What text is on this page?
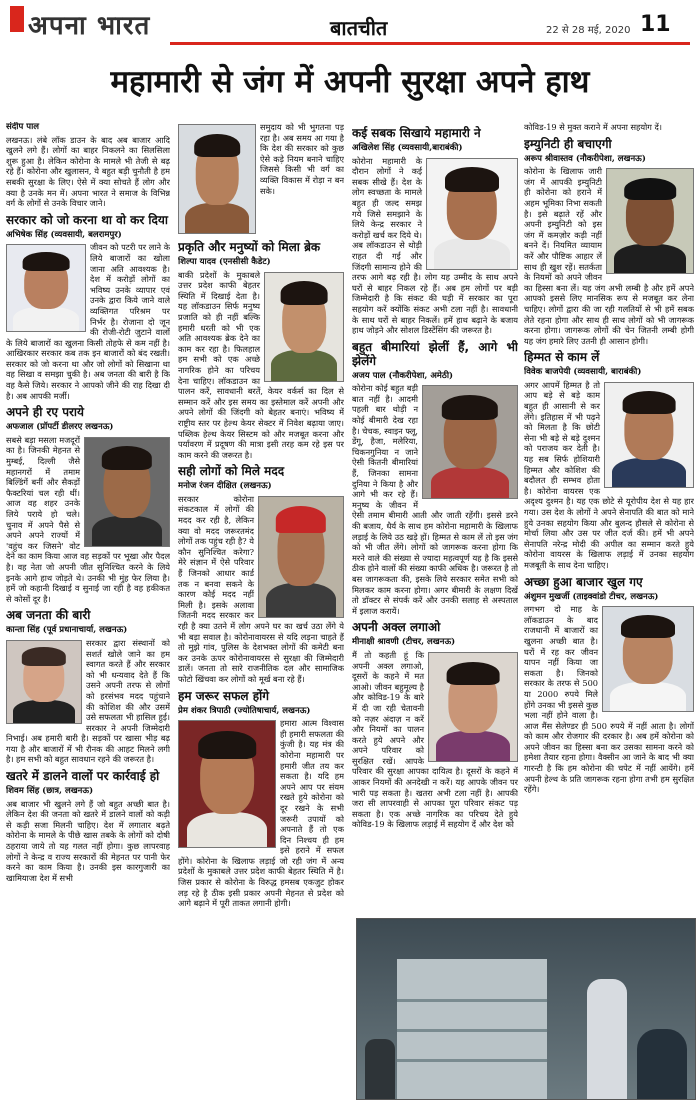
अपना भारत	बातचीत	22 से 28 मई, 2020 11
महामारी से जंग में अपनी सुरक्षा अपने हाथ
संदीप पाल

लखनऊ। लंबे लॉक डाउन के बाद अब बाजार आदि खुलने लगे हैं। लोगों का बाहर निकलने का सिलसिला शुरू हुआ है। लेकिन कोरोना के मामले भी तेजी से बढ़ रहे हैं। कोरोना और खुलासन, ये बहुत बड़ी चुनौती है हम सबकी सुरक्षा के लिए। ऐसे में क्या सोचते हैं लोग और क्या है उनके मन में। अपना भारत ने समाज के विभिन्न वर्ग के लोगों से उनके विचार जाने।

सरकार को जो करना था वो कर दिया
अभिषेक सिंह (व्यवसायी, बलरामपुर)

जीवन को पटरी पर लाने के लिये बाजारों का खोला जाना अति आवश्यक है। देश में करोड़ों लोगों का भविष्य उनके व्यापार एवं उनके द्वारा किये जाने वाले व्यक्तिगत परिश्रम पर निर्भर है। रोजाना दो जून की रोजी-रोटी जुटाने वालों के लिये बाजारों का खुलना किसी तोहफे से कम नहीं है। आखिरकार सरकार कब तक इन बाजारों को बंद रखती। सरकार को जो करना था और जो लोगों को सिखाना था वह सिखा व समझा चुकी है। अब जनता की बारी है कि वह कैसे जिये। सरकार ने आपको जीने की राह दिखा दी है। अब आपकी मर्जी।

अपने ही रए पराये
अफजाल (प्रॉपर्टी डीलरए लखनऊ)

सबसे बड़ा मसला मजदूरों का है। जिनकी मेहनत से मुम्बई, दिल्ली जैसे महानगरों में तमाम बिल्डिंगें बनीं और सैकड़ों फैक्टरियां चल रही थीं। आज वह शहर उनके लिये पराये हो चले। चुनाव में अपने पैसे से अपने अपने राज्यों में 'वहुंच कर जिसने' वोट देने का काम किया आज वह सड़कों पर भूखा और पैदल है। वह नेता जो अपनी जीत सुनिश्चित करने के लिये इनके आगे हाथ जोड़ते थे। उनकी भी मुंह फेर लिया है। हमें जो कहानी दिखाई व सुनाई जा रही है वह हकीकत से कोसों दूर है।

अब जनता की बारी
कान्ता सिंह (पूर्व प्रधानाचार्या, लखनऊ)

सरकार द्वारा संस्थानों को सशर्त खोले जाने का हम स्वागत करते हैं और सरकार को भी धन्यवाद देते हैं कि उसने अपनी तरफ से लोगों को हरसंभव मदद पहुंचाने की कोशिश की और उसमें उसे सफलता भी हासिल हुई। सरकार ने अपनी जिम्मेदारी निभाई। अब हमारी बारी है। सड़कों पर खासा भीड़ बढ़ गया है और बाजारों में भी रौनक की आहट मिलने लगी है। हम सभी को बहुत सावधान रहने की जरूरत है।

खतरे में डालने वालों पर कार्रवाई हो
शिवम सिंह (छात्र, लखनऊ)

अब बाजार भी खुलने लगे हैं जो बहुत अच्छी बात है। लेकिन देश की जनता को खतरे में डालने वालों को कड़ी से कड़ी सजा मिलनी चाहिए। देश में लगातार बढ़ते कोरोना के मामले के पीछे खास तबके के लोगों को दोषी ठहराया जाये तो यह गलत नहीं होगा। कुछ लापरवाह लोगों ने केन्द्र व राज्य सरकारों की मेहनत पर पानी फेर करने का काम किया है। उनकी इस कारगुजारी का खामियाजा देश में सभी

समुदाय को भी भुगतना पड़ रहा है। अब समय आ गया है कि देश की सरकार को कुछ ऐसे कड़े नियम बनाने चाहिए जिससे किसी भी वर्ग का व्यक्ति विकास में रोड़ा न बन सके।

प्रकृति और मनुष्यों को मिला ब्रेक
शिल्पा यादव (एनसीसी कैडेट)

बाकी प्रदेशों के मुकाबले उत्तर प्रदेश काफी बेहतर स्थिति में दिखाई देता है। यह लॉकडाउन सिर्फ मनुष्य प्रजाति को ही नहीं बल्कि हमारी धरती को भी एक अति आवश्यक ब्रेक देने का काम कर रहा है। फिलहाल हम सभी को एक अच्छे नागरिक होने का परिचय देना चाहिए। लॉकडाउन का पालन करें, सावधानी बरतें, केयर वर्कर्स का दिल से सम्मान करें और इस समय का इस्तेमाल करें अपनी और अपने लोगों की जिंदगी को बेहतर बनाएं। भविष्य में राष्ट्रीय स्तर पर हेल्थ केयर सेक्टर में निवेश बढ़ाया जाए। पब्लिक हेल्थ केयर सिस्टम को और मजबूत करना और पर्यावरण में प्रदूषण की मात्रा इसी तरह कम रहे इस पर काम करने की जरूरत है।

सही लोगों को मिले मदद
मनोज रंजन दीक्षित (लखनऊ)

सरकार कोरोना संकटकाल में लोगों की मदद कर रही है, लेकिन क्या वो मदद जरूरतमंद लोगों तक पहुंच रही है? ये कौन सुनिश्चित करेगा? मेरे संज्ञान में ऐसे परिवार हैं जिनको आधार कार्ड तक न बनवा सकने के कारण कोई मदद नहीं मिली है। इसके अलावा जितनी मदद सरकार कर रही है क्या उतने में लोग अपने घर का खर्च उठा लेंगे ये भी बड़ा सवाल है। कोरोनावायरस से यदि लड़ना चाहते हैं तो मुझे गांव, पुलिस के देशभक्त लोगों की कमेटी बना कर उनके ऊपर कोरोनावायरस से सुरक्षा की जिम्मेदारी डालें। जनता तो सारे राजनीतिक दल और सामाजिक फोटो खिंचवा कर लोगों को मूर्ख बना रहे हैं।

हम जरूर सफल होंगे
प्रेम शंकर त्रिपाठी (ज्योतिषाचार्य, लखनऊ)

हमारा आत्म विश्वास ही हमारी सफलता की कुंजी है। यह मंत्र की कोरोना महामारी पर हमारी जीत तय कर सकता है। यदि हम अपने आप पर संयम रखते हुये कोरोना को दूर रखने के सभी जरूरी उपायों को अपनाते हैं तो एक दिन निश्चय ही हम इसे हराने में सफल होंगे। कोरोना के खिलाफ लड़ाई जो रही जंग में अन्य प्रदेशों के मुकाबले उत्तर प्रदेश काफी बेहतर स्थिति में है। जिस प्रकार से कोरोना के विरुद्ध हमसब एकजुट होकर लड़ रहे है ठीक इसी प्रकार अपनी मेहनत से प्रदेश को आगे बढ़ाने में पूरी ताकत लगानी होगी।

कई सबक सिखाये महामारी ने
अखिलेश सिंह (व्यवसायी,बाराबंकी)

कोरोना महामारी के दौरान लोगों ने कई सबक सीखे हैं। देश के लोग स्वच्छता के मामले बहुत ही जल्द समझ गये जिसे समझाने के लिये केन्द्र सरकार ने करोड़ों खर्च कर दिये थे। अब लॉकडाउन से थोड़ी राहत दी गई और जिंदगी सामान्य होने की तरफ आगे बढ़ रही है। लोग यह उम्मीद के साथ अपने घरों से बाहर निकल रहे हैं। अब हम लोगों पर बड़ी जिम्मेदारी है कि संकट की घड़ी में सरकार का पूरा सहयोग करें क्योंकि संकट अभी टला नहीं है। सावधानी के साथ घरों से बाहर निकलें। हमें हाथ बढ़ाने के बजाय हाथ जोड़ने और सोशल डिस्टेंसिंग की जरूरत है।

बहुत बीमारियां झेलीं हैं, आगे भी झेलेंगे
अजय पाल (नौकरीपेशा, अमेठी)

कोरोना कोई बहुत बड़ी बात नहीं है। आदमी पहली बार थोड़ी न कोई बीमारी देख रहा है। चेचक, स्वाइन फ्लू, डेंगू, हैजा, मलेरिया, चिकनगुनिया न जाने ऐसी कितनी बीमारियां हैं, जिनका सामना दुनिया ने किया है और आगे भी कर रहे हैं। मनुष्य के जीवन में ऐसी तमाम बीमारी आती और जाती रहेंगी। इससे डरने की बजाय, धैर्य के साथ हम कोरोना महामारी के खिलाफ लड़ाई के लिये उठ खड़े हों। हिम्मत से काम लें तो इस जंग को भी जीत लेंगे। लोगों को जागरूक करना होगा कि मरने वाले की संख्या से ज्यादा महत्वपूर्ण यह है कि इससे ठीक होने वालों की संख्या काफी अधिक है। जरूरत है तो बस जागरूकता की, इसके लिये सरकार समेत सभी को मिलकर काम करना होगा। अगर बीमारी के लक्षण दिखें तो डॉक्टर से संपर्क करें और उनकी सलाह से अस्पताल में इलाज करायें।

अपनी अक्ल लगाओ
मीनाक्षी श्रावणी (टीचर, लखनऊ)

मैं तो कहती हूं कि अपनी अक्ल लगाओ, दूसरों के कहने में मत आओ। जीवन बहुमूल्य है और कोविड-19 के बारे में दी जा रही चेतावनी को नज़र अंदाज़ न करें और नियमों का पालन करते हुये अपने और अपने परिवार को सुरक्षित रखें। आपके परिवार की सुरक्षा आपका दायित्व है। दूसरों के कहने में आकर नियमों की अनदेखी न करें। यह आपके जीवन पर भारी पड़ सकता है। खतरा अभी टला नहीं है। आपकी जरा सी लापरवाही से आपका पूरा परिवार संकट पड़ सकता है। एक अच्छे नागरिक का परिचय देते हुये कोविड-19 के खिलाफ लड़ाई में सहयोग दें और देश को

कोविड-19 से मुक्त कराने में अपना सहयोग दें।

इम्युनिटी ही बचाएगी
अरूप श्रीवास्तव (नौकरीपेशा, लखनऊ)

कोरोना के खिलाफ जारी जंग में आपकी इम्युनिटी ही कोरोना को हराने में अहम भूमिका निभा सकती है। इसे बढ़ाते रहें और अपनी इम्युनिटी को इस जंग में कमज़ोर कड़ी नहीं बनने दें। नियमित व्यायाम करें और पौष्टिक आहार लें साथ ही खुश रहें। सतर्कता के नियमों को अपने जीवन का हिस्सा बना लें। यह जंग अभी लम्बी है और हमें अपने आपको इससे लिए मानसिक रूप से मजबूत कर लेना चाहिए। लोगों द्वारा की जा रही गलतियों से भी हमें सबक लेते रहना होगा और साथ ही साथ लोगों को भी जागरूक करना होगा। जागरूक लोगों की चेन जितनी लम्बी होगी यह जंग हमारे लिए उतनी ही आसान होगी।

हिम्मत से काम लें
विवेक बाजपेयी (व्यवसायी, बाराबंकी)

अगर आपमें हिम्मत है तो आप बड़े से बड़े काम बहुत ही आसानी से कर लेंगे। इतिहास में भी पढ़ने को मिलता है कि छोटी सेना भी बड़े से बड़े दुश्मन को पराजय कर देती है। यह सब सिर्फ होशियारी हिम्मत और कोशिश की बदौलत ही सम्भव होता है। कोरोना वायरस एक अदृश्य दुश्मन है। यह एक छोटे से यूरोपीय देश से यह हार गया। उस देश के लोगों ने अपने सेनापति की बात को माने हुये उनका सहयोग किया और बुलन्द हौसले से कोरोना से मोर्चा लिया और उस पर जीत दर्ज की। हमें भी अपने सेनापति नरेन्द्र मोदी की अपील का सम्मान करते हुये कोरोना वायरस के खिलाफ लड़ाई में उनका सहयोग मजबूती के साथ देना चाहिए।

अच्छा हुआ बाजार खुल गए
अंशुमन मुखर्जी (ताइक्वांडो टीचर, लखनऊ)

लगभग दो माह के लॉकडाउन के बाद राजधानी में बाजारों का खुलना अच्छी बात है। घरों में रह कर जीवन यापन नहीं किया जा सकता है। जिनको सरकार के तरफ से 500 या 2000 रुपये मिले होंगे उनका भी इससे कुछ भला नहीं होने वाला है। आज मैंस सेलेण्डर ही 500 रुपये में नहीं आता है। लोगों को काम और रोजगार की दरकार है। अब हमें कोरोना को अपने जीवन का हिस्सा बना कर उसका सामना करने को हमेशा तैयार रहना होगा। वैक्सीन आ जाने के बाद भी क्या गारन्टी है कि हम कोरोना की चपेट में नहीं आयेंगे। हमें अपनी हेल्थ के प्रति जागरूक रहना होगा तभी हम सुरक्षित रहेंगे।
